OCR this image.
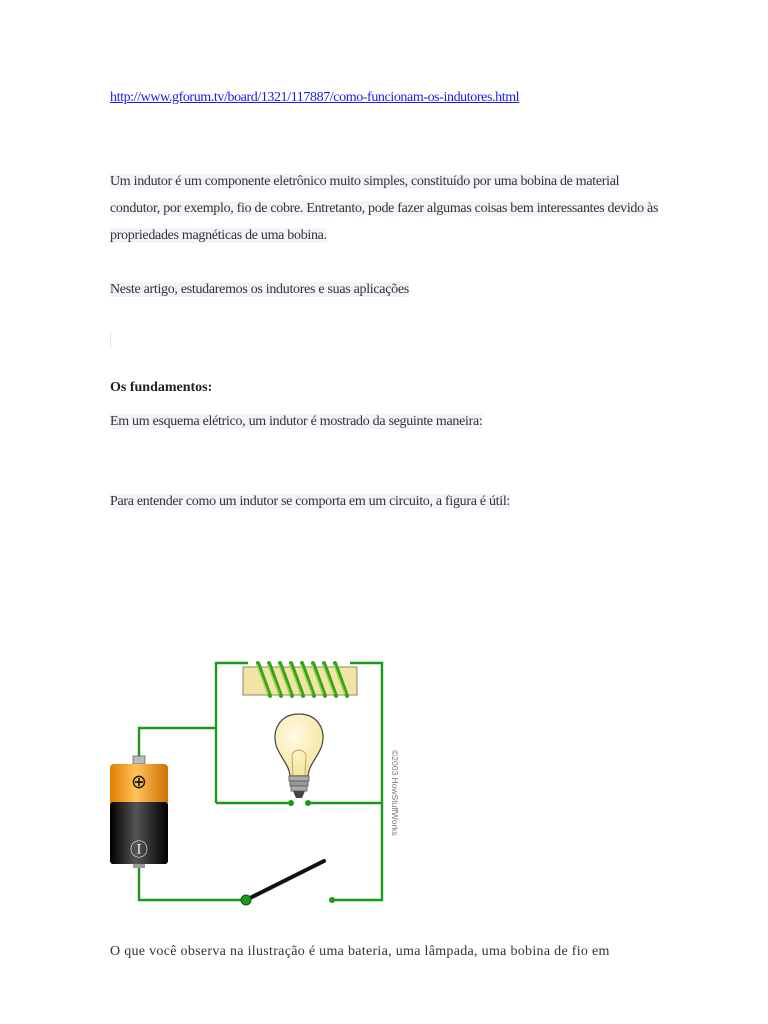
http://www.gforum.tv/board/1321/117887/como-funcionam-os-indutores.html
Um indutor é um componente eletrônico muito simples, constituído por uma bobina de material condutor, por exemplo, fio de cobre. Entretanto, pode fazer algumas coisas bem interessantes devido às propriedades magnéticas de uma bobina.
Neste artigo, estudaremos os indutores e suas aplicações
Os fundamentos:
Em um esquema elétrico, um indutor é mostrado da seguinte maneira:
Para entender como um indutor se comporta em um circuito, a figura é útil:
⊕
Ⓘ
©2003 HowStuffWorks
O que você observa na ilustração é uma bateria, uma lâmpada, uma bobina de fio em
